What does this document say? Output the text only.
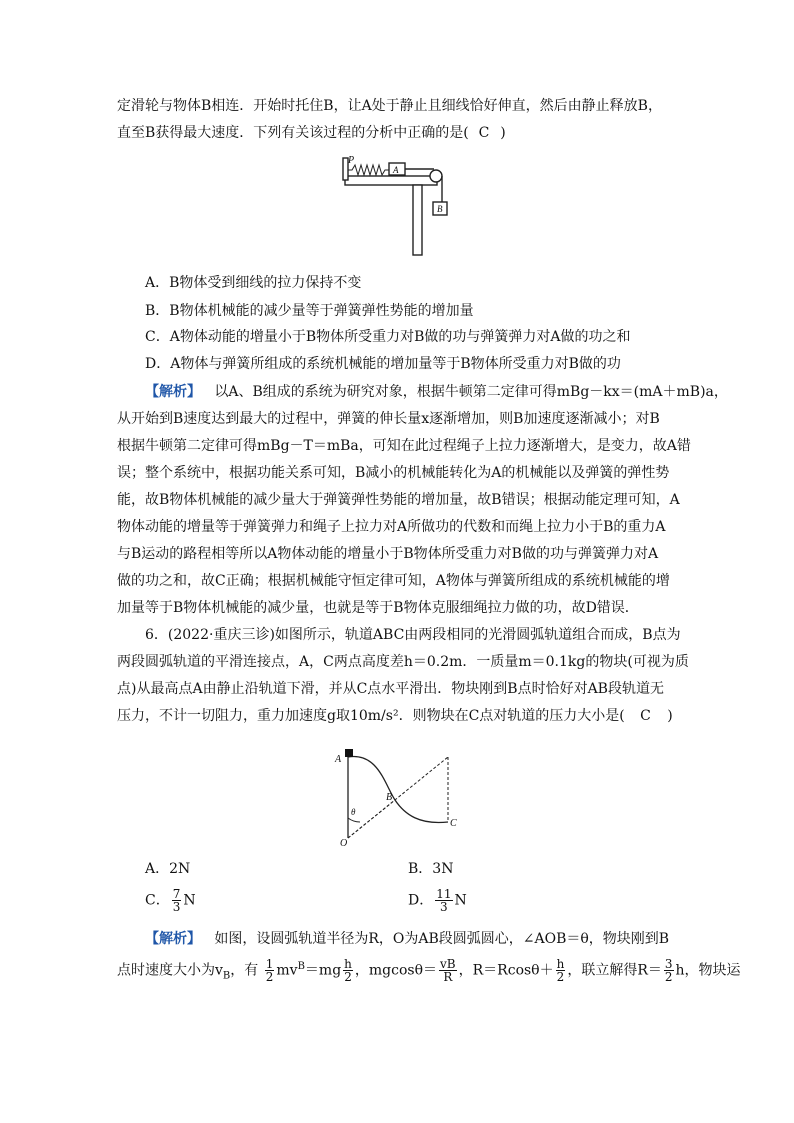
定滑轮与物体B相连．开始时托住B，让A处于静止且细线恰好伸直，然后由静止释放B，
直至B获得最大速度．下列有关该过程的分析中正确的是( C )
P
A
B
A．B物体受到细线的拉力保持不变
B．B物体机械能的减少量等于弹簧弹性势能的增加量
C．A物体动能的增量小于B物体所受重力对B做的功与弹簧弹力对A做的功之和
D．A物体与弹簧所组成的系统机械能的增加量等于B物体所受重力对B做的功
【解析】 以A、B组成的系统为研究对象，根据牛顿第二定律可得mBg－kx＝(mA＋mB)a，
从开始到B速度达到最大的过程中，弹簧的伸长量x逐渐增加，则B加速度逐渐减小；对B
根据牛顿第二定律可得mBg－T＝mBa，可知在此过程绳子上拉力逐渐增大，是变力，故A错
误；整个系统中，根据功能关系可知，B减小的机械能转化为A的机械能以及弹簧的弹性势
能，故B物体机械能的减少量大于弹簧弹性势能的增加量，故B错误；根据动能定理可知，A
物体动能的增量等于弹簧弹力和绳子上拉力对A所做功的代数和而绳上拉力小于B的重力A
与B运动的路程相等所以A物体动能的增量小于B物体所受重力对B做的功与弹簧弹力对A
做的功之和，故C正确；根据机械能守恒定律可知，A物体与弹簧所组成的系统机械能的增
加量等于B物体机械能的减少量，也就是等于B物体克服细绳拉力做的功，故D错误．
6．(2022·重庆三诊)如图所示，轨道ABC由两段相同的光滑圆弧轨道组合而成，B点为
两段圆弧轨道的平滑连接点，A，C两点高度差h＝0.2m．一质量m＝0.1kg的物块(可视为质
点)从最高点A由静止沿轨道下滑，并从C点水平滑出．物块刚到B点时恰好对AB段轨道无
压力，不计一切阻力，重力加速度g取10m/s²．则物块在C点对轨道的压力大小是( C )
A
B
C
O
θ
A．2N	B．3N
C． $\frac{7}{3}$ N	D． $\frac{11}{3}$ N
【解析】 如图，设圆弧轨道半径为R，O为AB段圆弧圆心，∠AOB＝θ，物块刚到B
点时速度大小为$v_B$，有 $\frac{1}{2} mv^B=mg \frac{h}{2}$ ，$mgcos\theta= \frac{vB}{R}$ ，$R=Rcos\theta+ \frac{h}{2}$ ，联立解得$R= \frac{3}{2}$ h，物块运
